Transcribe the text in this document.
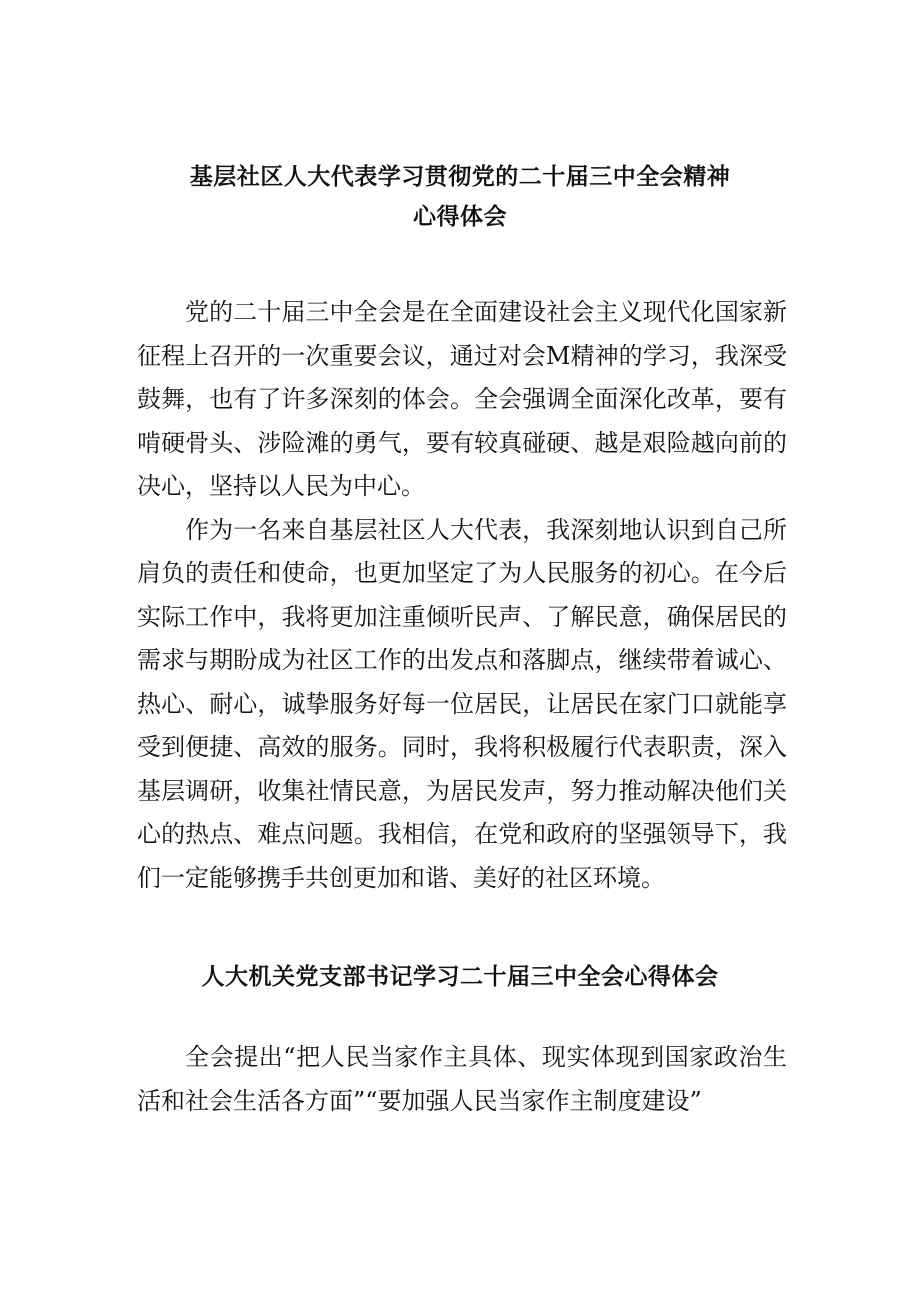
基层社区人大代表学习贯彻党的二十届三中全会精神
心得体会

党的二十届三中全会是在全面建设社会主义现代化国家新征程上召开的一次重要会议，通过对会M精神的学习，我深受鼓舞，也有了许多深刻的体会。全会强调全面深化改革，要有啃硬骨头、涉险滩的勇气，要有较真碰硬、越是艰险越向前的决心，坚持以人民为中心。

作为一名来自基层社区人大代表，我深刻地认识到自己所肩负的责任和使命，也更加坚定了为人民服务的初心。在今后实际工作中，我将更加注重倾听民声、了解民意，确保居民的需求与期盼成为社区工作的出发点和落脚点，继续带着诚心、热心、耐心，诚挚服务好每一位居民，让居民在家门口就能享受到便捷、高效的服务。同时，我将积极履行代表职责，深入基层调研，收集社情民意，为居民发声，努力推动解决他们关心的热点、难点问题。我相信，在党和政府的坚强领导下，我们一定能够携手共创更加和谐、美好的社区环境。

人大机关党支部书记学习二十届三中全会心得体会

全会提出“把人民当家作主具体、现实体现到国家政治生活和社会生活各方面”“要加强人民当家作主制度建设”
